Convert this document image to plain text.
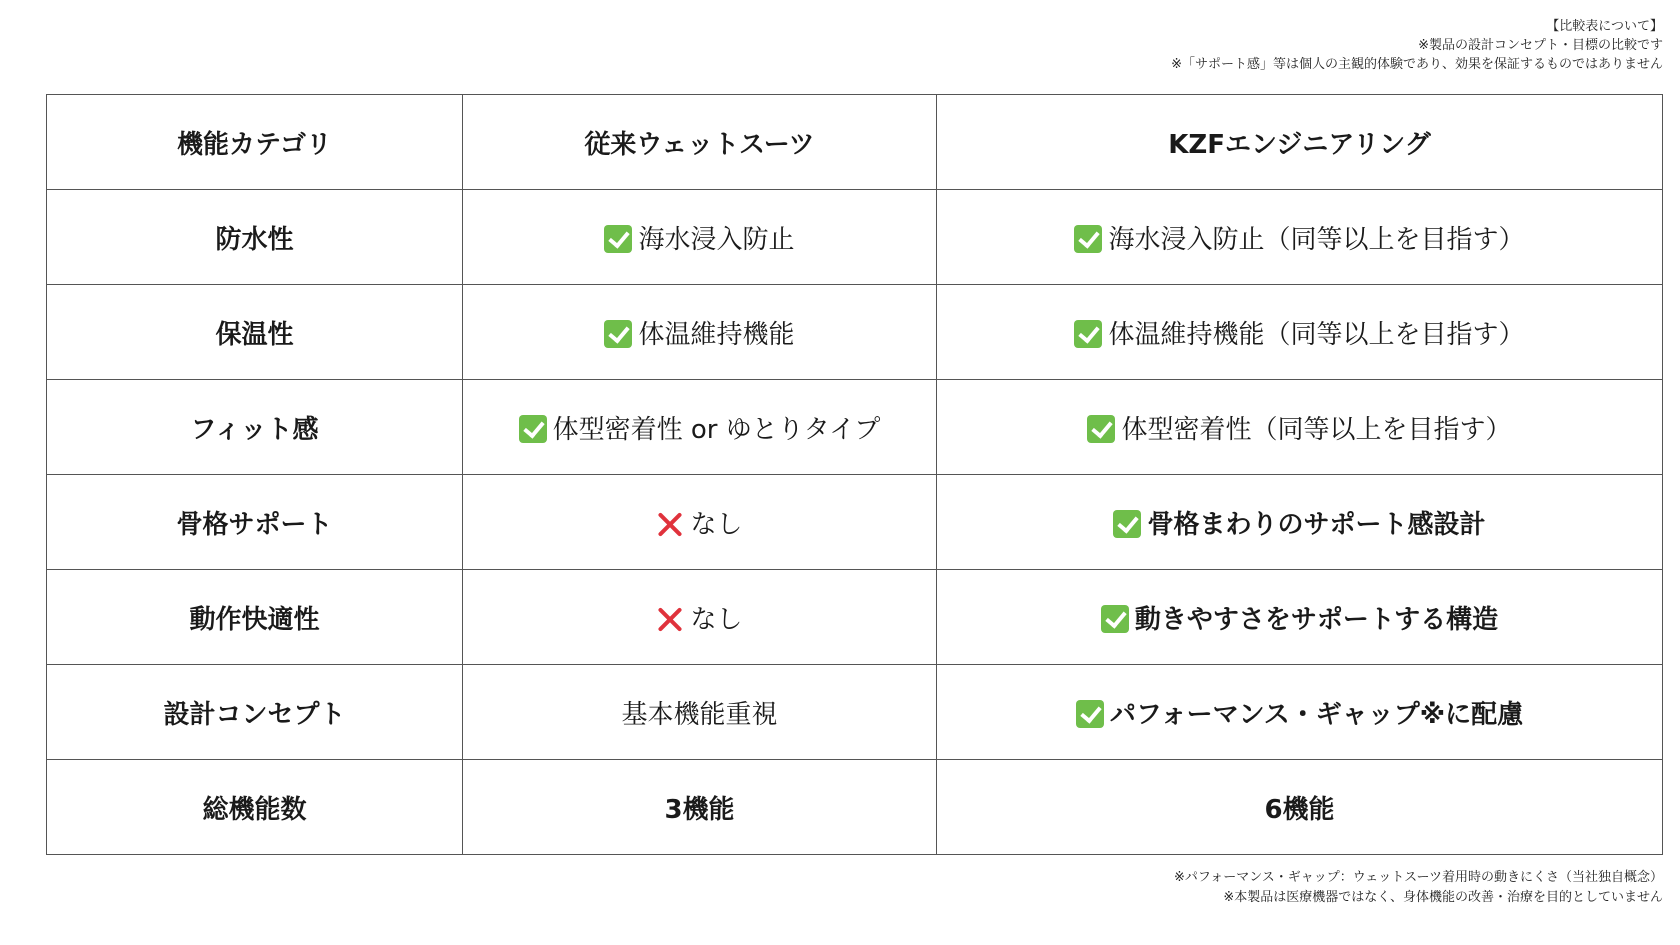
【比較表について】
※製品の設計コンセプト・目標の比較です
※「サポート感」等は個人の主観的体験であり、効果を保証するものではありません
機能カテゴリ	従来ウェットスーツ	KZFエンジニアリング
防水性	海水浸入防止	海水浸入防止（同等以上を目指す）
保温性	体温維持機能	体温維持機能（同等以上を目指す）
フィット感	体型密着性 or ゆとりタイプ	体型密着性（同等以上を目指す）
骨格サポート	なし	骨格まわりのサポート感設計
動作快適性	なし	動きやすさをサポートする構造
設計コンセプト	基本機能重視	パフォーマンス・ギャップ※に配慮
総機能数	3機能	6機能
※パフォーマンス・ギャップ：ウェットスーツ着用時の動きにくさ（当社独自概念）
※本製品は医療機器ではなく、身体機能の改善・治療を目的としていません
